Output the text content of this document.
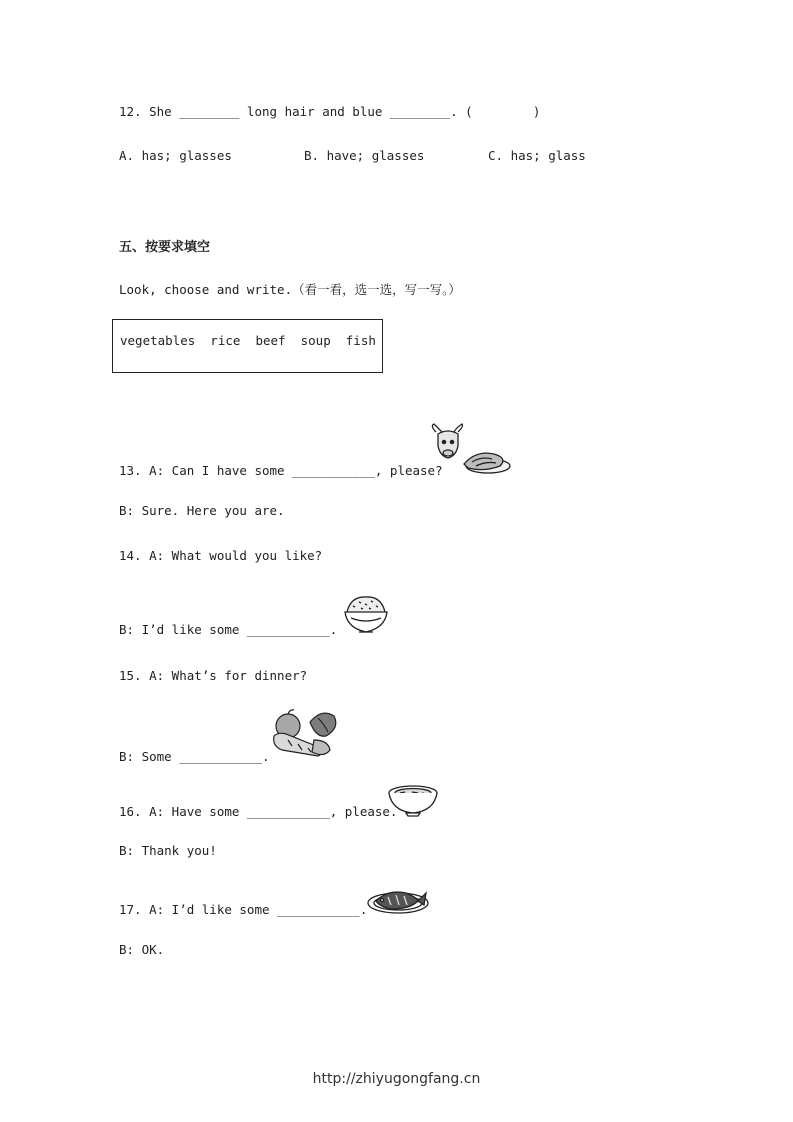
12. She ________ long hair and blue ________. (        )
A. has; glasses	B. have; glasses	C. has; glass
五、按要求填空
Look, choose and write.（看一看，选一选，写一写。）
vegetables  rice  beef  soup  fish
13. A: Can I have some ___________, please?
B: Sure. Here you are.
14. A: What would you like?
B: I’d like some ___________.
15. A: What’s for dinner?
B: Some ___________.
16. A: Have some ___________, please.
B: Thank you!
17. A: I’d like some ___________.
B: OK.
http://zhiyugongfang.cn
